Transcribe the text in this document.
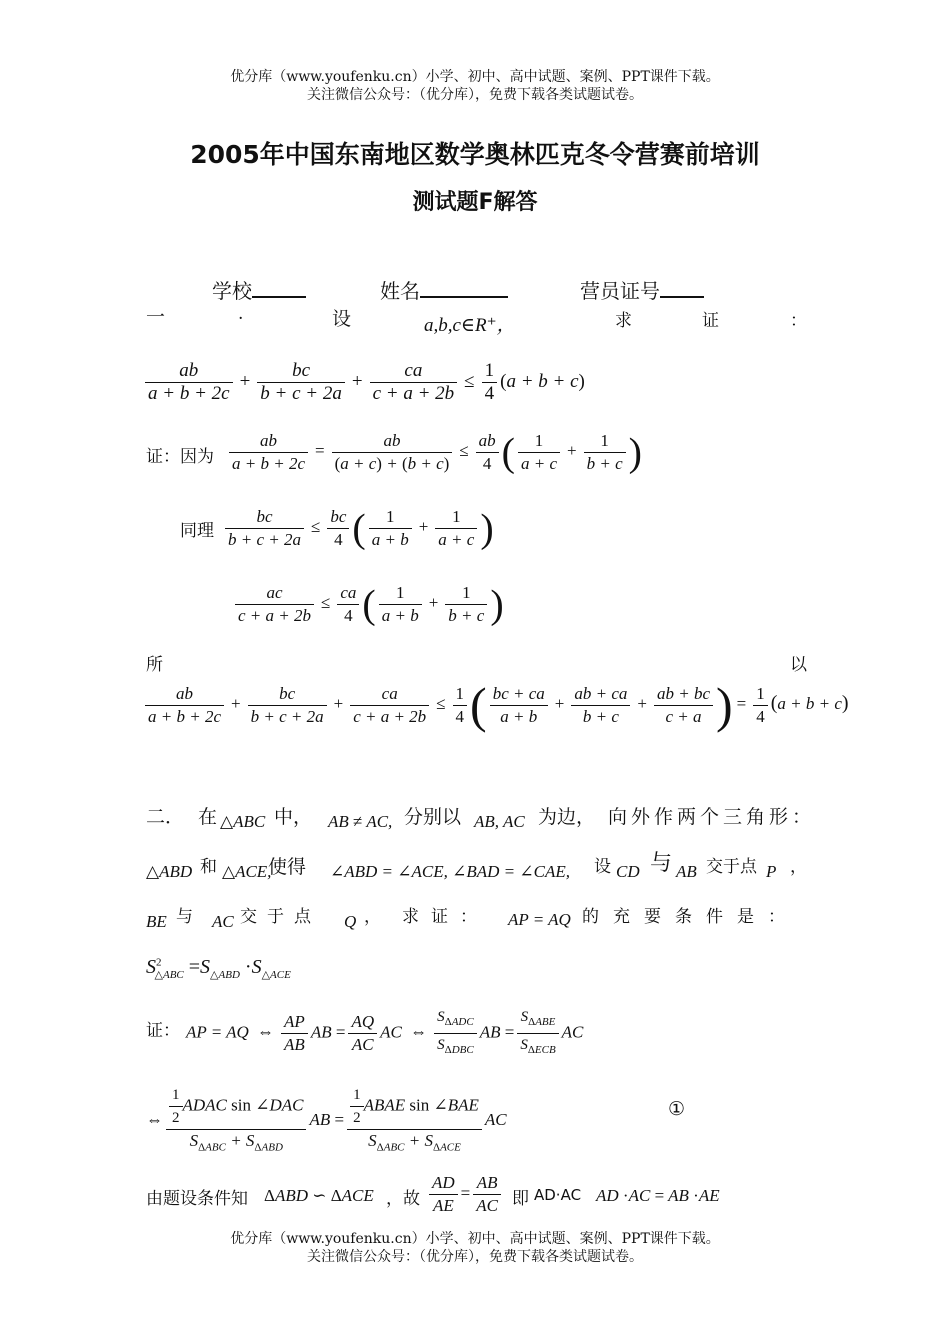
优分库（www.youfenku.cn）小学、初中、高中试题、案例、PPT课件下载。
关注微信公众号：（优分库），免费下载各类试题试卷。
2005年中国东南地区数学奥林匹克冬令营赛前培训
测试题F解答
学校	姓名	营员证号
一	.	设	a,b,c∈R⁺，	求	证	：
$\frac{ab}{a + b + 2c} + \frac{bc}{b + c + 2a} + \frac{ca}{c + a + 2b} \le \frac{1}{4} (a + b + c)$
证：因为 $\frac{ab}{a + b + 2c} = \frac{ab}{(a + c) + (b + c)} \le \frac{ab}{4}$ ( $\frac{1}{a + c} + \frac{1}{b + c}$ )
同理 $\frac{bc}{b + c + 2a} \le \frac{bc}{4}$ ( $\frac{1}{a + b} + \frac{1}{a + c}$ )
$\frac{ac}{c + a + 2b} \le \frac{ca}{4}$ ( $\frac{1}{a + b} + \frac{1}{b + c}$ )
所	以
$\frac{ab}{a + b + 2c} + \frac{bc}{b + c + 2a} + \frac{ca}{c + a + 2b} \le \frac{1}{4}$ ( $\frac{bc + ca}{a + b} + \frac{ab + ca}{b + c} + \frac{ab + bc}{c + a}$ ) = $\frac{1}{4} (a + b + c)$
二． 在 △ABC 中， AB ≠ AC, 分别以 AB, AC 为边， 向外作两个三角形：
△ABD 和 △ACE,
使得 ∠ABD = ∠ACE, ∠BAD = ∠CAE, 设 CD 与 AB 交于点 P ，
BE 与 AC 交于点 Q ， 求证： AP = AQ 的充要条件是：
$S^2_{\triangle ABC} =S_{\triangle ABD} \cdot S_{\triangle ACE}$
证： AP = AQ ⇔ $\frac{AP}{AB}$ AB = $\frac{AQ}{AC}$ AC ⇔ $\frac{S_{\Delta ADC}}{S_{\Delta DBC}}$ AB = $\frac{S_{\Delta ABE}}{S_{\Delta ECB}}$ AC
⇔ $\frac{\frac{1}{2} ADAC \sin \angle DAC}{S_{\Delta ABC} + S_{\Delta ABD}}$ AB = $\frac{\frac{1}{2} ABAE \sin \angle BAE}{S_{\Delta ABC} + S_{\Delta ACE}}$ AC	①
由题设条件知 ΔABD ∽ ΔACE ，故 $\frac{AD}{AE} = \frac{AB}{AC}$ 即 AD·AC AD ·AC = AB ·AE
优分库（www.youfenku.cn）小学、初中、高中试题、案例、PPT课件下载。
关注微信公众号：（优分库），免费下载各类试题试卷。
